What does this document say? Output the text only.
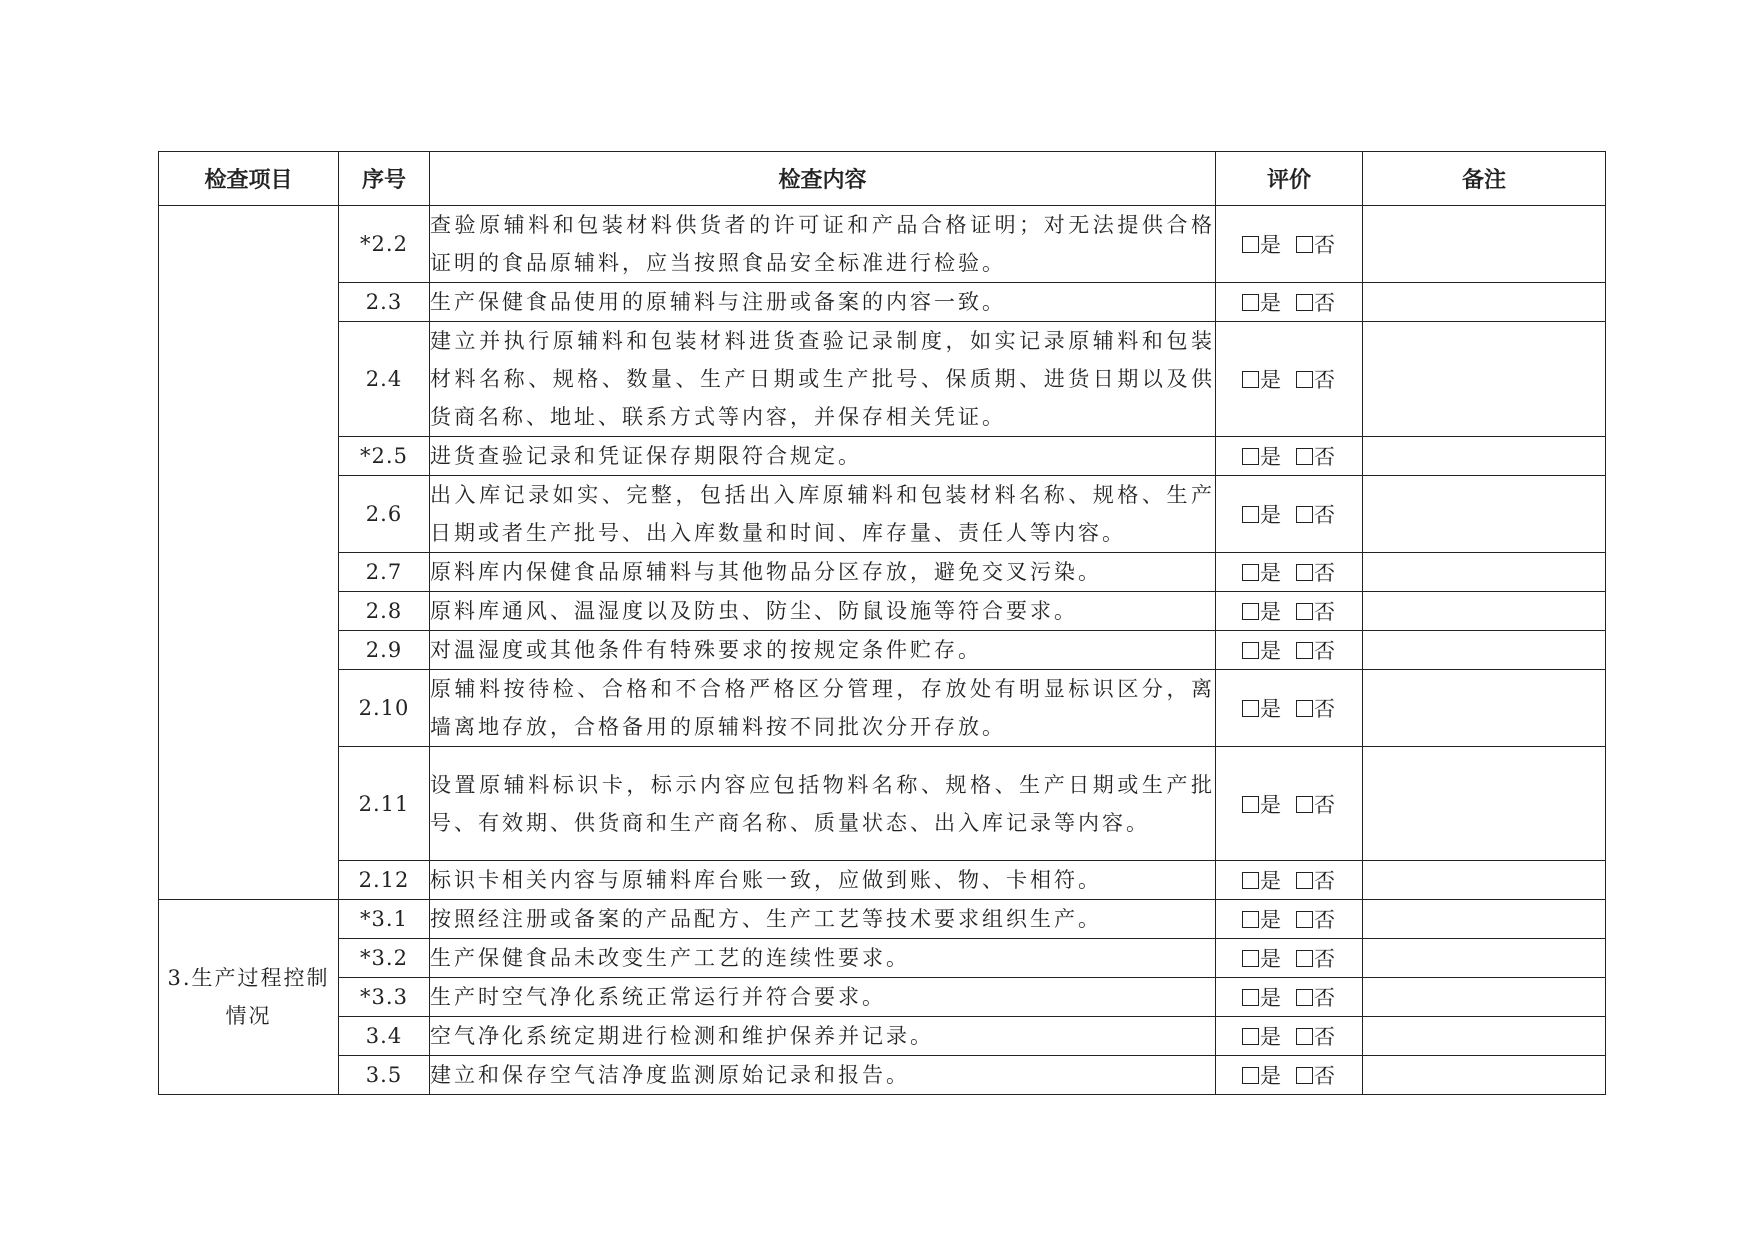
检查项目	序号	检查内容	评价	备注
	*2.2	查验原辅料和包装材料供货者的许可证和产品合格证明；对无法提供合格证明的食品原辅料，应当按照食品安全标准进行检验。	是 否	
	2.3	生产保健食品使用的原辅料与注册或备案的内容一致。	是 否	
	2.4	建立并执行原辅料和包装材料进货查验记录制度，如实记录原辅料和包装材料名称、规格、数量、生产日期或生产批号、保质期、进货日期以及供货商名称、地址、联系方式等内容，并保存相关凭证。	是 否	
	*2.5	进货查验记录和凭证保存期限符合规定。	是 否	
	2.6	出入库记录如实、完整，包括出入库原辅料和包装材料名称、规格、生产日期或者生产批号、出入库数量和时间、库存量、责任人等内容。	是 否	
	2.7	原料库内保健食品原辅料与其他物品分区存放，避免交叉污染。	是 否	
	2.8	原料库通风、温湿度以及防虫、防尘、防鼠设施等符合要求。	是 否	
	2.9	对温湿度或其他条件有特殊要求的按规定条件贮存。	是 否	
	2.10	原辅料按待检、合格和不合格严格区分管理，存放处有明显标识区分，离墙离地存放，合格备用的原辅料按不同批次分开存放。	是 否	
	2.11	设置原辅料标识卡，标示内容应包括物料名称、规格、生产日期或生产批号、有效期、供货商和生产商名称、质量状态、出入库记录等内容。	是 否	
	2.12	标识卡相关内容与原辅料库台账一致，应做到账、物、卡相符。	是 否	
3.生产过程控制情况	*3.1	按照经注册或备案的产品配方、生产工艺等技术要求组织生产。	是 否	
	*3.2	生产保健食品未改变生产工艺的连续性要求。	是 否	
	*3.3	生产时空气净化系统正常运行并符合要求。	是 否	
	3.4	空气净化系统定期进行检测和维护保养并记录。	是 否	
	3.5	建立和保存空气洁净度监测原始记录和报告。	是 否	
